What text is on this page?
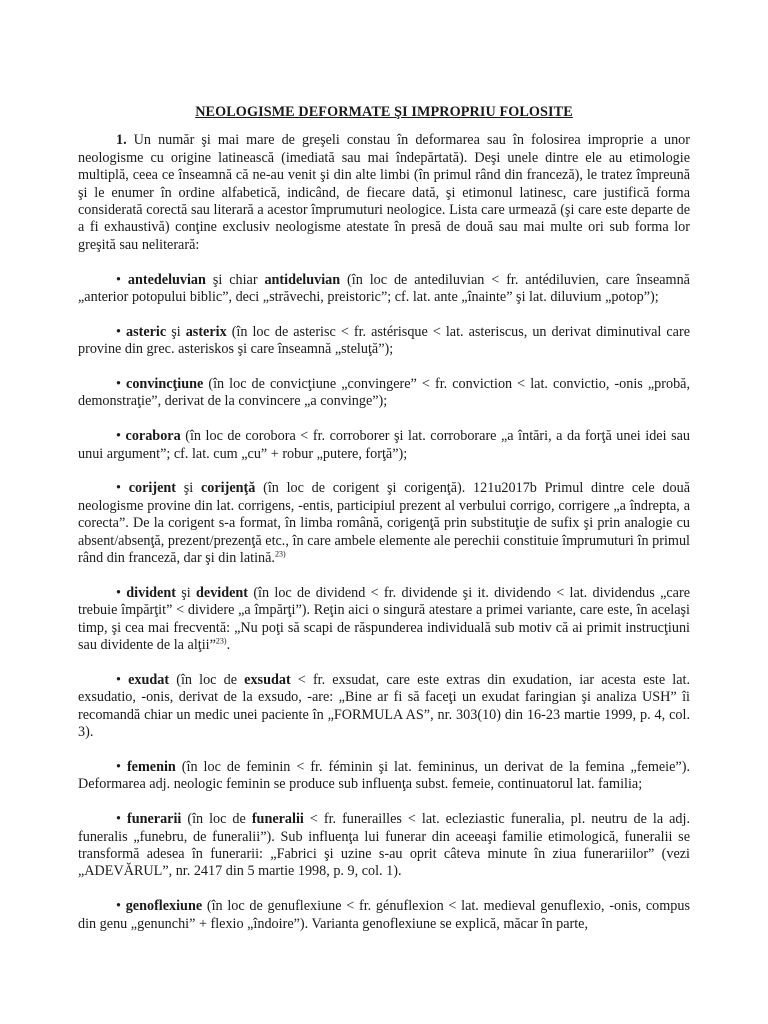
NEOLOGISME DEFORMATE ŞI IMPROPRIU FOLOSITE

1. Un număr şi mai mare de greşeli constau în deformarea sau în folosirea improprie a unor neologisme cu origine latinească (imediată sau mai îndepărtată). Deşi unele dintre ele au etimologie multiplă, ceea ce înseamnă că ne-au venit şi din alte limbi (în primul rând din franceză), le tratez împreună şi le enumer în ordine alfabetică, indicând, de fiecare dată, şi etimonul latinesc, care justifică forma considerată corectă sau literară a acestor împrumuturi neologice. Lista care urmează (şi care este departe de a fi exhaustivă) conţine exclusiv neologisme atestate în presă de două sau mai multe ori sub forma lor greşită sau neliterară:

• antedeluvian şi chiar antideluvian (în loc de antediluvian < fr. antédiluvien, care înseamnă „anterior potopului biblic”, deci „străvechi, preistoric”; cf. lat. ante „înainte” şi lat. diluvium „potop”);

• asteric şi asterix (în loc de asterisc < fr. astérisque < lat. asteriscus, un derivat diminutival care provine din grec. asteriskos şi care înseamnă „steluţă”);

• convincţiune (în loc de convicţiune „convingere” < fr. conviction < lat. convictio, -onis „probă, demonstraţie”, derivat de la convincere „a convinge”);

• corabora (în loc de corobora < fr. corroborer şi lat. corroborare „a întări, a da forţă unei idei sau unui argument”; cf. lat. cum „cu” + robur „putere, forţă”);

• corijent şi corijenţă (în loc de corigent şi corigenţă). 121u2017b Primul dintre cele două neologisme provine din lat. corrigens, -entis, participiul prezent al verbului corrigo, corrigere „a îndrepta, a corecta”. De la corigent s-a format, în limba română, corigenţă prin substituţie de sufix şi prin analogie cu absent/absenţă, prezent/prezenţă etc., în care ambele elemente ale perechii constituie împrumuturi în primul rând din franceză, dar şi din latină.$^{23)}$

• divident şi devident (în loc de dividend < fr. dividende şi it. dividendo < lat. dividendus „care trebuie împărţit” < dividere „a împărţi”). Reţin aici o singură atestare a primei variante, care este, în acelaşi timp, şi cea mai frecventă: „Nu poţi să scapi de răspunderea individuală sub motiv că ai primit instrucţiuni sau dividente de la alţii”$^{23)}$.

• exudat (în loc de exsudat < fr. exsudat, care este extras din exudation, iar acesta este lat. exsudatio, -onis, derivat de la exsudo, -are: „Bine ar fi să faceţi un exudat faringian şi analiza USH” îi recomandă chiar un medic unei paciente în „FORMULA AS”, nr. 303(10) din 16-23 martie 1999, p. 4, col. 3).

• femenin (în loc de feminin < fr. féminin şi lat. femininus, un derivat de la femina „femeie”). Deformarea adj. neologic feminin se produce sub influenţa subst. femeie, continuatorul lat. familia;

• funerarii (în loc de funeralii < fr. funerailles < lat. ecleziastic funeralia, pl. neutru de la adj. funeralis „funebru, de funeralii”). Sub influenţa lui funerar din aceeaşi familie etimologică, funeralii se transformă adesea în funerarii: „Fabrici şi uzine s-au oprit câteva minute în ziua funerariilor” (vezi „ADEVĂRUL”, nr. 2417 din 5 martie 1998, p. 9, col. 1).

• genoflexiune (în loc de genuflexiune < fr. génuflexion < lat. medieval genuflexio, -onis, compus din genu „genunchi” + flexio „îndoire”). Varianta genoflexiune se explică, măcar în parte,
